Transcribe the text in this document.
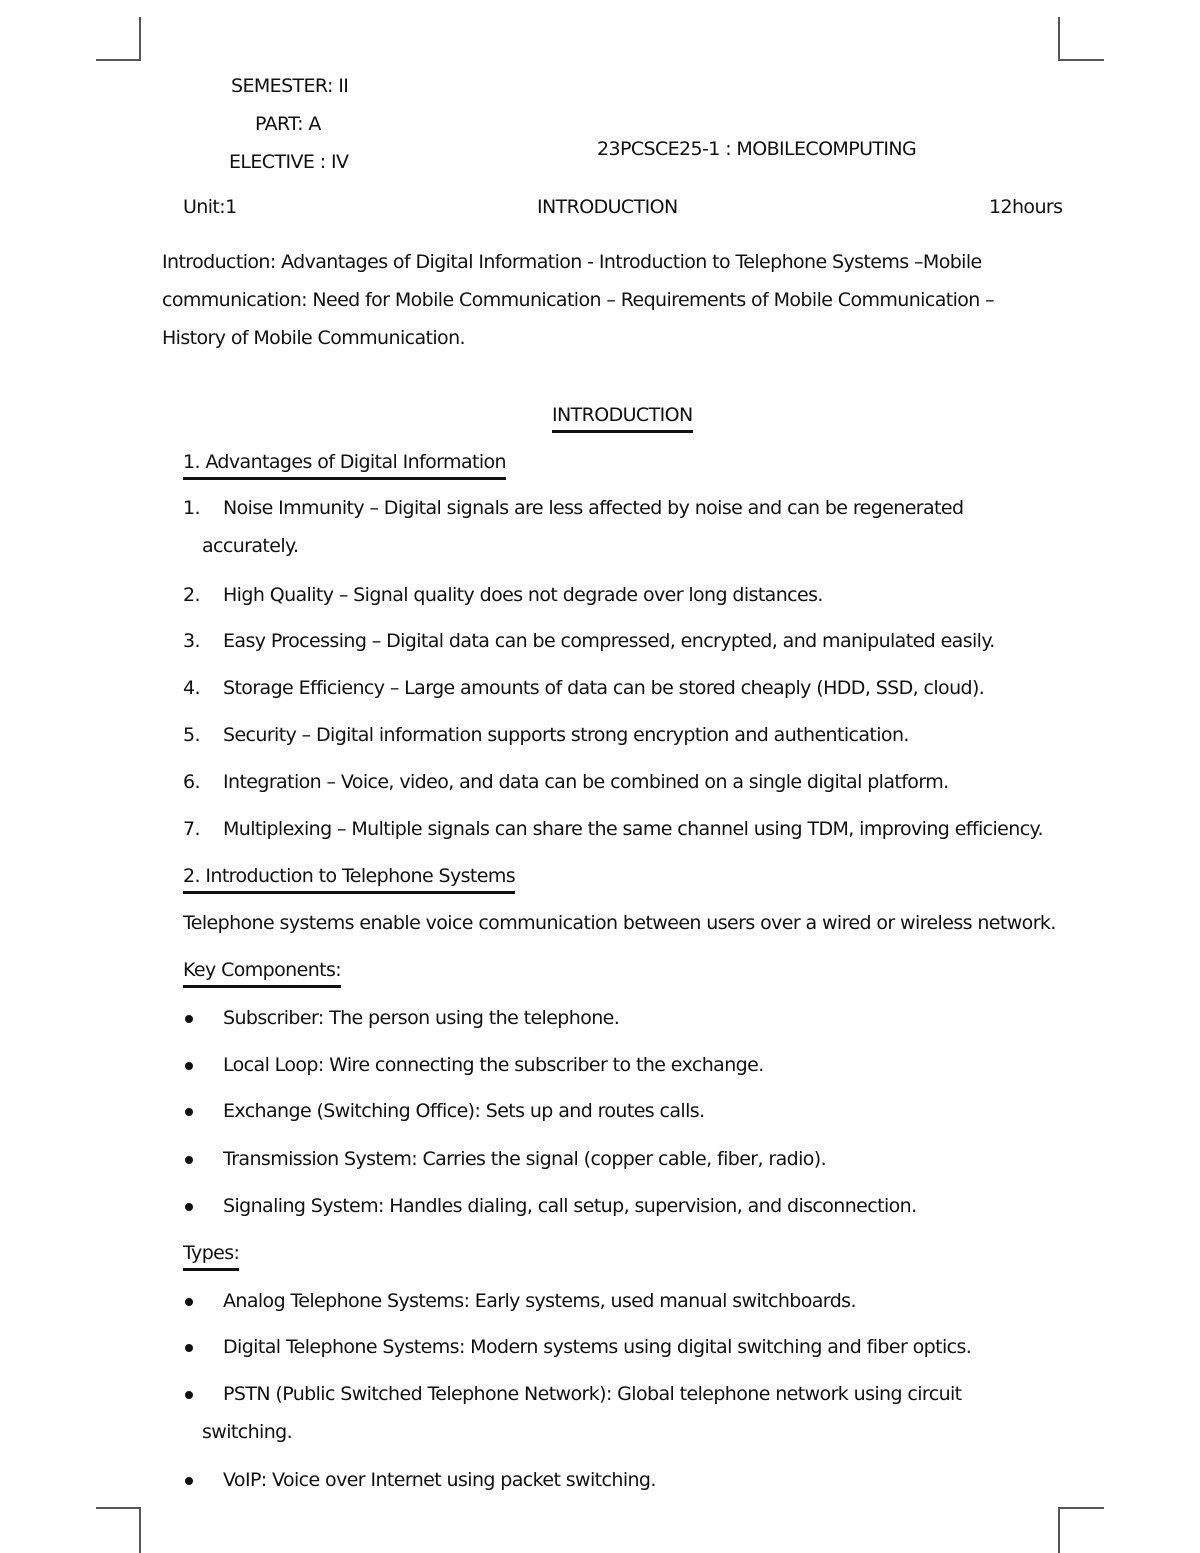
SEMESTER: II
PART: A
ELECTIVE : IV
23PCSCE25-1 : MOBILECOMPUTING
Unit:1	INTRODUCTION	12hours

Introduction: Advantages of Digital Information - Introduction to Telephone Systems –Mobile

communication: Need for Mobile Communication – Requirements of Mobile Communication –

History of Mobile Communication.

INTRODUCTION
1. Advantages of Digital Information
1. Noise Immunity – Digital signals are less affected by noise and can be regenerated
accurately.
2. High Quality – Signal quality does not degrade over long distances.
3. Easy Processing – Digital data can be compressed, encrypted, and manipulated easily.
4. Storage Efficiency – Large amounts of data can be stored cheaply (HDD, SSD, cloud).
5. Security – Digital information supports strong encryption and authentication.
6. Integration – Voice, video, and data can be combined on a single digital platform.
7. Multiplexing – Multiple signals can share the same channel using TDM, improving efficiency.
2. Introduction to Telephone Systems
Telephone systems enable voice communication between users over a wired or wireless network.
Key Components:
Subscriber: The person using the telephone.
Local Loop: Wire connecting the subscriber to the exchange.
Exchange (Switching Office): Sets up and routes calls.
Transmission System: Carries the signal (copper cable, fiber, radio).
Signaling System: Handles dialing, call setup, supervision, and disconnection.
Types:
Analog Telephone Systems: Early systems, used manual switchboards.
Digital Telephone Systems: Modern systems using digital switching and fiber optics.
PSTN (Public Switched Telephone Network): Global telephone network using circuit
switching.
VoIP: Voice over Internet using packet switching.
